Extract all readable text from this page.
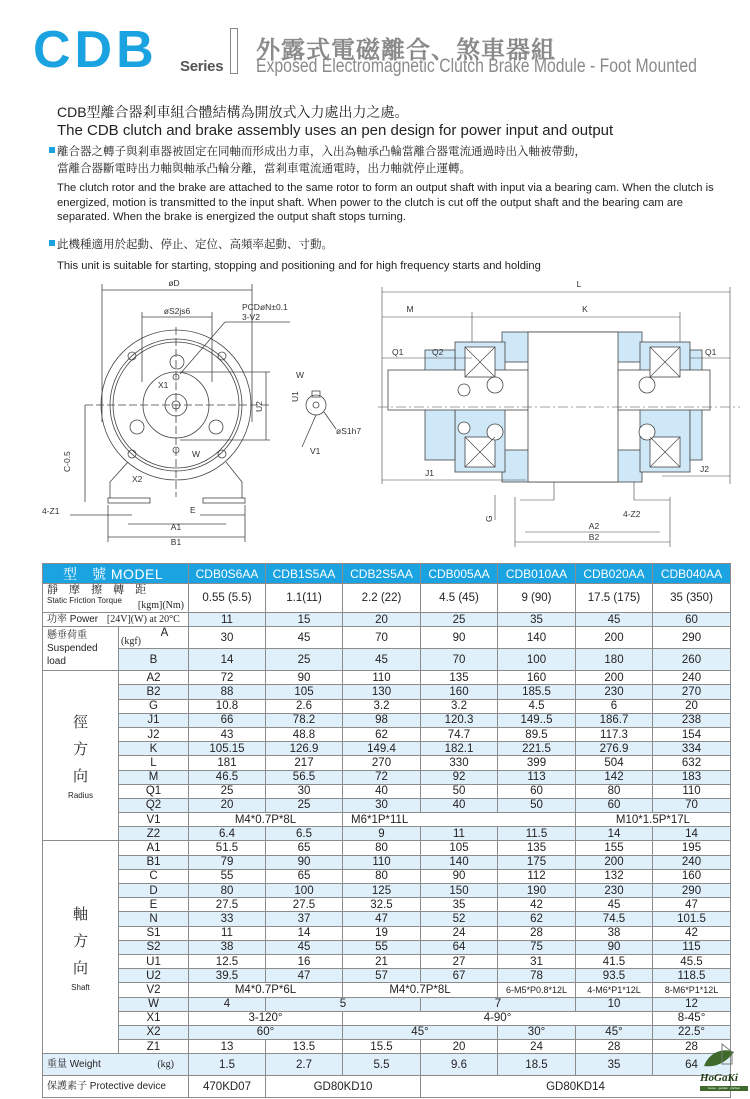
CDB Series
外露式電磁離合、煞車器組
Exposed Electromagnetic Clutch Brake Module - Foot Mounted
CDB型離合器剎車組合體結構為開放式入力處出力之處。
The CDB clutch and brake assembly uses an pen design for power input and output
離合器之轉子與剎車器被固定在同軸而形成出力車，入出為軸承凸輪當離合器電流通過時出入軸被帶動，
當離合器斷電時出力軸與軸承凸輪分離，當剎車電流通電時，出力軸就停止運轉。
The clutch rotor and the brake are attached to the same rotor to form an output shaft with input via a bearing cam. When the clutch is energized, motion is transmitted to the input shaft. When power to the clutch is cut off the output shaft and the bearing cam are separated. When the brake is energized the output shaft stops turning.
此機種適用於起動、停止、定位、高頻率起動、寸動。
This unit is suitable for starting, stopping and positioning and for high frequency starts and holding
øD
øS2js6	PCDøN±0.1
3-V2
X1
X2
U2
W
C-0.5
4-Z1	E
A1
B1
W
U1
øS1h7
V1
L
M	K
Q1	Q2	Q1
J1	J2
G	4-Z2
A2
B2
型　號 MODEL		CDB0S6AA	CDB1S5AA	CDB2S5AA	CDB005AA	CDB010AA	CDB020AA	CDB040AA
靜 摩 擦 轉 距
[kgm](Nm)
Static Friction Torque		0.55 (5.5)	1.1(11)	2.2 (22)	4.5 (45)	9 (90)	17.5 (175)	35 (350)
功率 Power [24V](W) at 20°C		11	15	20	25	35	45	60
懸垂荷重
Suspended load	(kgf)
A	30	45	70	90	140	200	290
	B	14	25	45	70	100	180	260
徑
方
向
Radius	A2	72	90	110	135	160	200	240
	B2	88	105	130	160	185.5	230	270
	G	10.8	2.6	3.2	3.2	4.5	6	20
	J1	66	78.2	98	120.3	149..5	186.7	238
	J2	43	48.8	62	74.7	89.5	117.3	154
	K	105.15	126.9	149.4	182.1	221.5	276.9	334
	L	181	217	270	330	399	504	632
	M	46.5	56.5	72	92	113	142	183
	Q1	25	30	40	50	60	80	110
	Q2	20	25	30	40	50	60	70
	V1	M4*0.7P*8L		M6*1P*11L			M10*1.5P*17L	
	Z2	6.4	6.5	9	11	11.5	14	14
軸
方
向
Shaft	A1	51.5	65	80	105	135	155	195
	B1	79	90	110	140	175	200	240
	C	55	65	80	90	112	132	160
	D	80	100	125	150	190	230	290
	E	27.5	27.5	32.5	35	42	45	47
	N	33	37	47	52	62	74.5	101.5
	S1	11	14	19	24	28	38	42
	S2	38	45	55	64	75	90	115
	U1	12.5	16	21	27	31	41.5	45.5
	U2	39.5	47	57	67	78	93.5	118.5
	V2	M4*0.7P*6L		M4*0.7P*8L		6-M5*P0.8*12L	4-M6*P1*12L	8-M6*P1*12L
	W	4	5		7		10	12
	X1	3-120°		4-90°				8-45°
	X2	60°		45°		30°	45°	22.5°
	Z1	13	13.5	15.5	20	24	28	28
重量 Weight (kg)		1.5	2.7	5.5	9.6	18.5	35	64
保護素子 Protective device		470KD07	GD80KD10		GD80KD14			
HoGaKi
Home · garden · kitchen
